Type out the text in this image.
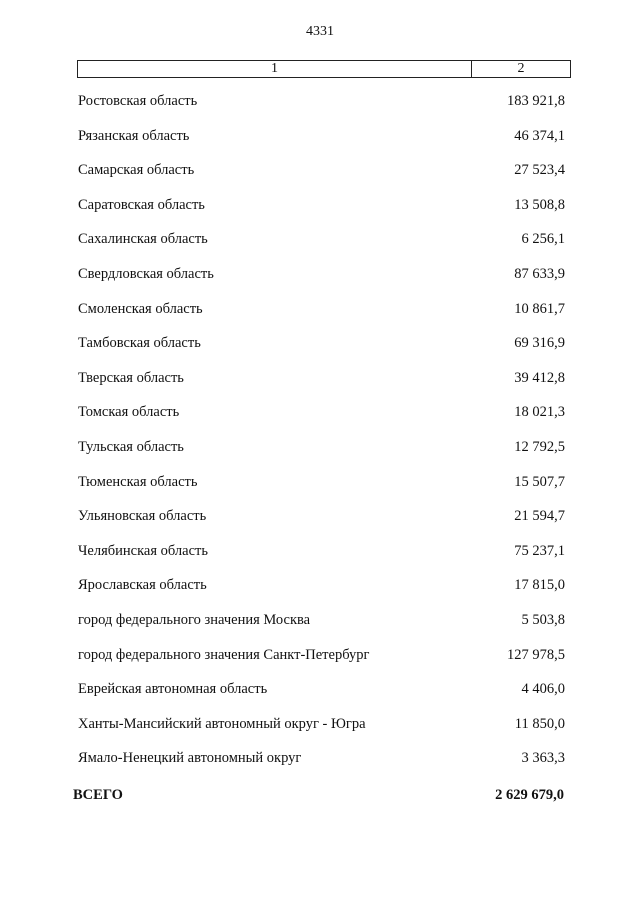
4331
1	2
Ростовская область	183 921,8
Рязанская область	46 374,1
Самарская область	27 523,4
Саратовская область	13 508,8
Сахалинская область	6 256,1
Свердловская область	87 633,9
Смоленская область	10 861,7
Тамбовская область	69 316,9
Тверская область	39 412,8
Томская область	18 021,3
Тульская область	12 792,5
Тюменская область	15 507,7
Ульяновская область	21 594,7
Челябинская область	75 237,1
Ярославская область	17 815,0
город федерального значения Москва	5 503,8
город федерального значения Санкт-Петербург	127 978,5
Еврейская автономная область	4 406,0
Ханты-Мансийский автономный округ - Югра	11 850,0
Ямало-Ненецкий автономный округ	3 363,3
ВСЕГО	2 629 679,0
